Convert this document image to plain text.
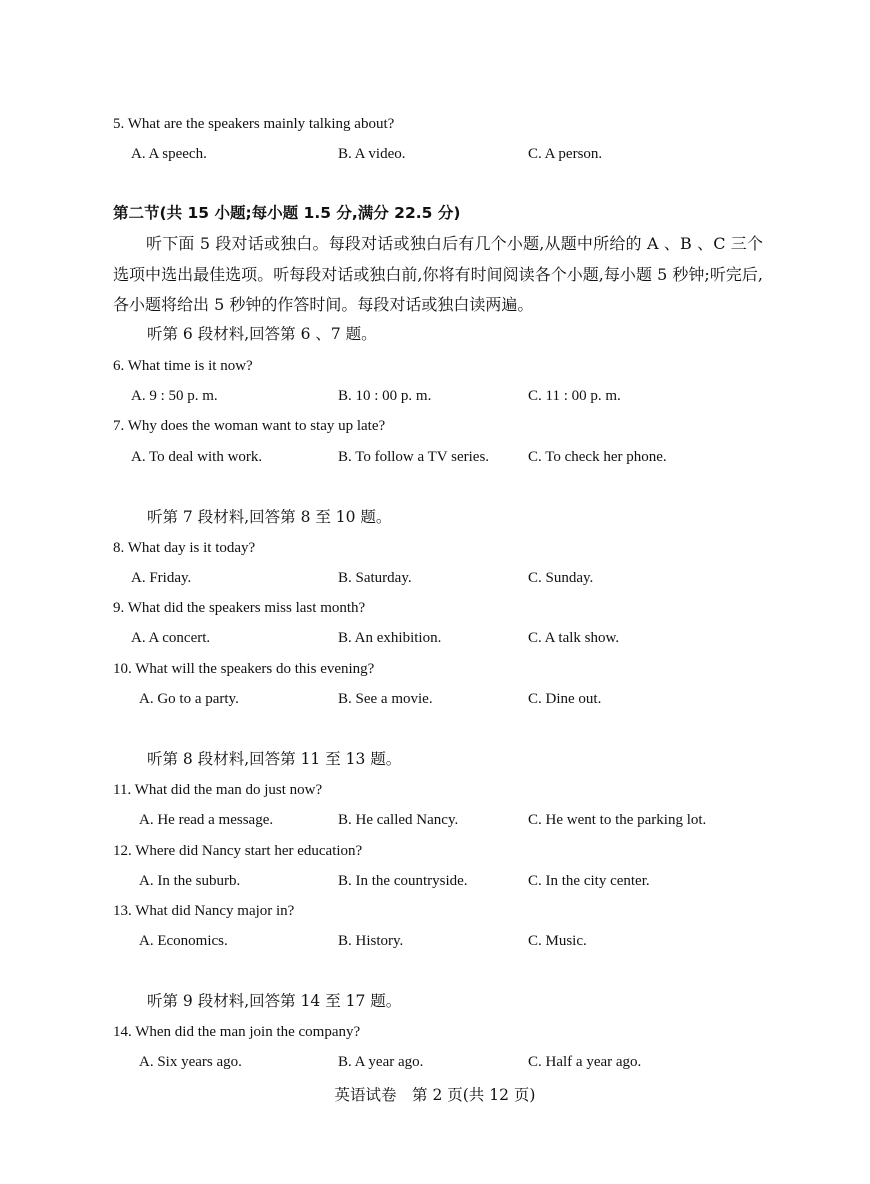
5. What are the speakers mainly talking about?
A. A speech.	B. A video.	C. A person.
第二节(共 15 小题;每小题 1.5 分,满分 22.5 分)
听下面 5 段对话或独白。每段对话或独白后有几个小题,从题中所给的 A 、B 、C 三个选项中选出最佳选项。听每段对话或独白前,你将有时间阅读各个小题,每小题 5 秒钟;听完后,各小题将给出 5 秒钟的作答时间。每段对话或独白读两遍。
听第 6 段材料,回答第 6 、7 题。
6. What time is it now?
A. 9 : 50 p. m.	B. 10 : 00 p. m.	C. 11 : 00 p. m.
7. Why does the woman want to stay up late?
A. To deal with work.	B. To follow a TV series.	C. To check her phone.
听第 7 段材料,回答第 8 至 10 题。
8. What day is it today?
A. Friday.	B. Saturday.	C. Sunday.
9. What did the speakers miss last month?
A. A concert.	B. An exhibition.	C. A talk show.
10. What will the speakers do this evening?
A. Go to a party.	B. See a movie.	C. Dine out.
听第 8 段材料,回答第 11 至 13 题。
11. What did the man do just now?
A. He read a message.	B. He called Nancy.	C. He went to the parking lot.
12. Where did Nancy start her education?
A. In the suburb.	B. In the countryside.	C. In the city center.
13. What did Nancy major in?
A. Economics.	B. History.	C. Music.
听第 9 段材料,回答第 14 至 17 题。
14. When did the man join the company?
A. Six years ago.	B. A year ago.	C. Half a year ago.
英语试卷　第 2 页(共 12 页)
